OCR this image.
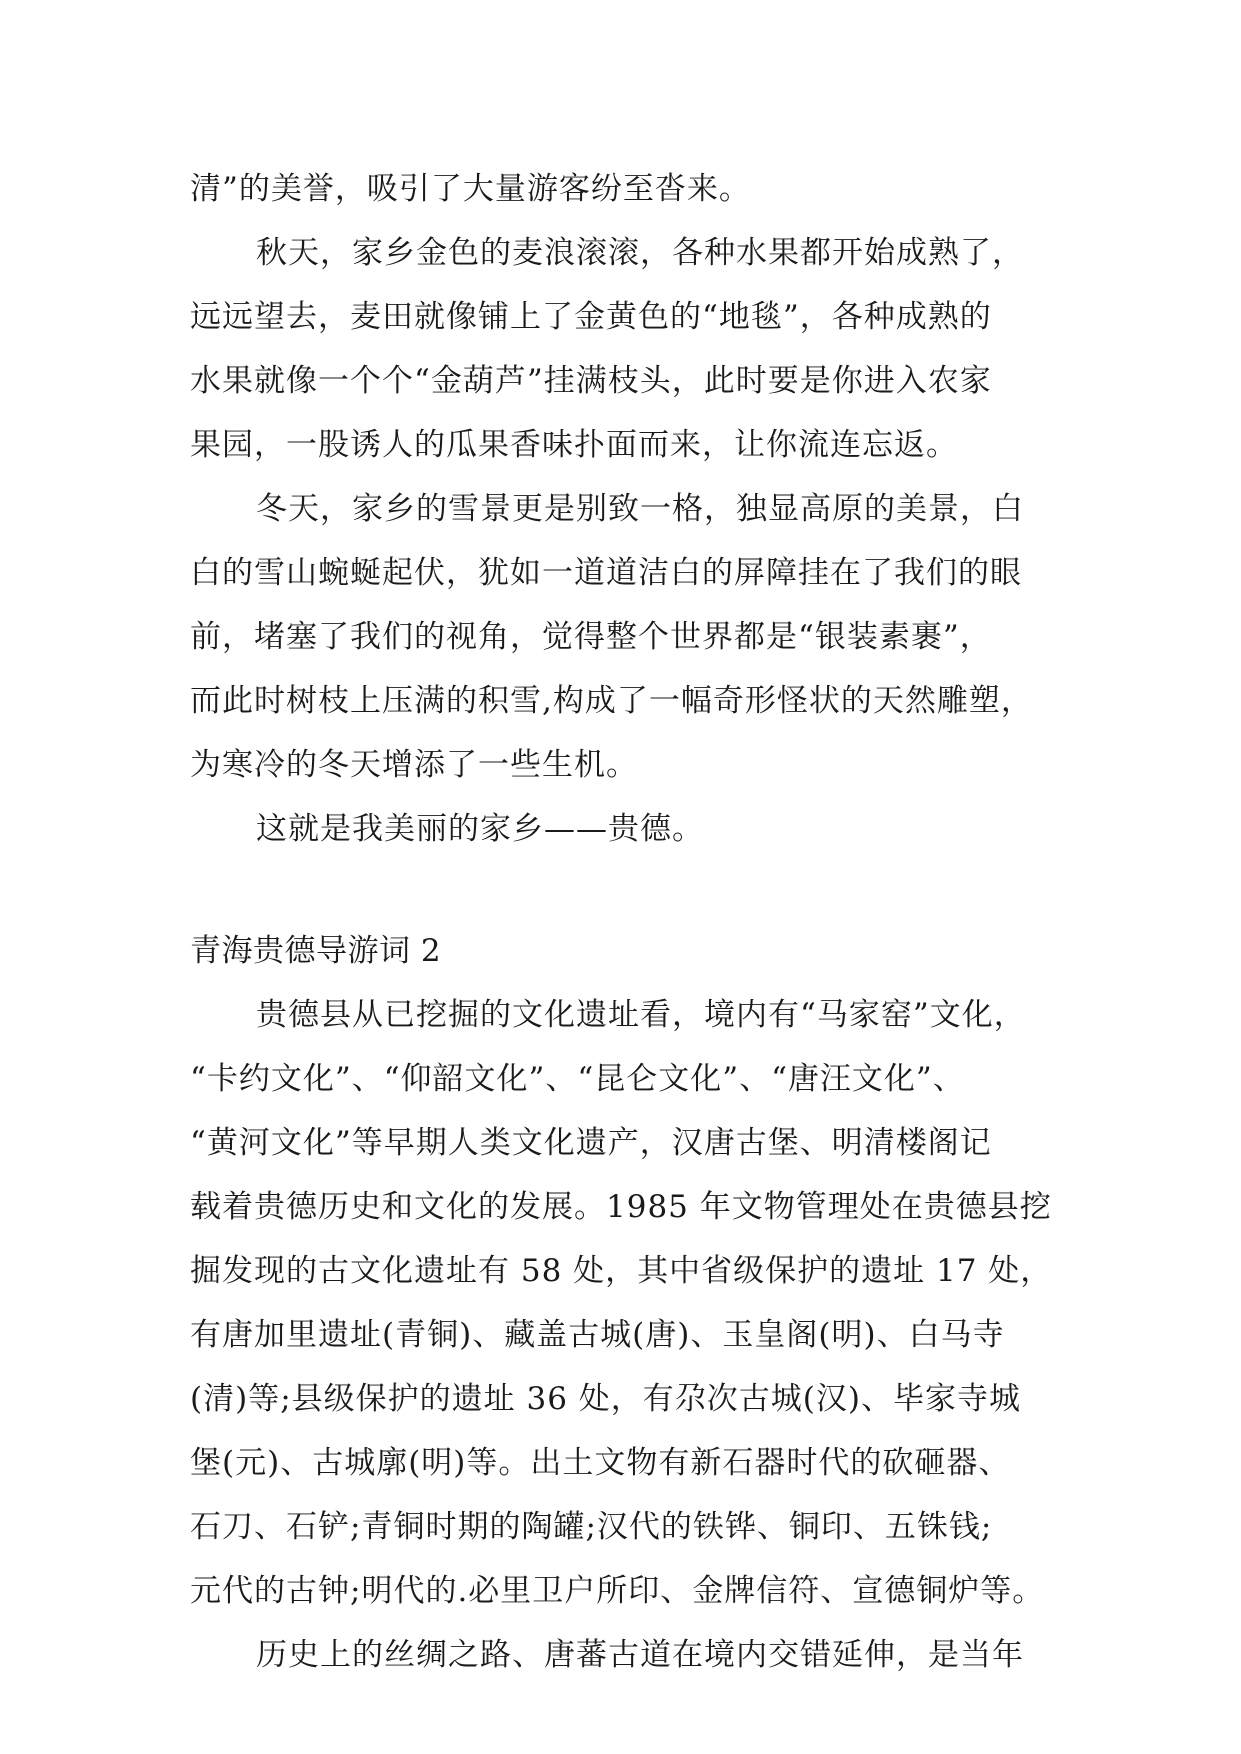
清”的美誉，吸引了大量游客纷至沓来。
秋天，家乡金色的麦浪滚滚，各种水果都开始成熟了，
远远望去，麦田就像铺上了金黄色的“地毯”，各种成熟的
水果就像一个个“金葫芦”挂满枝头，此时要是你进入农家
果园，一股诱人的瓜果香味扑面而来，让你流连忘返。
冬天，家乡的雪景更是别致一格，独显高原的美景，白
白的雪山蜿蜒起伏，犹如一道道洁白的屏障挂在了我们的眼
前，堵塞了我们的视角，觉得整个世界都是“银装素裹”，
而此时树枝上压满的积雪,构成了一幅奇形怪状的天然雕塑，
为寒冷的冬天增添了一些生机。
这就是我美丽的家乡——贵德。
青海贵德导游词 2
贵德县从已挖掘的文化遗址看，境内有“马家窑”文化，
“卡约文化”、“仰韶文化”、“昆仑文化”、“唐汪文化”、
“黄河文化”等早期人类文化遗产，汉唐古堡、明清楼阁记
载着贵德历史和文化的发展。1985 年文物管理处在贵德县挖
掘发现的古文化遗址有 58 处，其中省级保护的遗址 17 处，
有唐加里遗址(青铜)、藏盖古城(唐)、玉皇阁(明)、白马寺
(清)等;县级保护的遗址 36 处，有尕次古城(汉)、毕家寺城
堡(元)、古城廓(明)等。出土文物有新石器时代的砍砸器、
石刀、石铲;青铜时期的陶罐;汉代的铁铧、铜印、五铢钱;
元代的古钟;明代的.必里卫户所印、金牌信符、宣德铜炉等。
历史上的丝绸之路、唐蕃古道在境内交错延伸，是当年
